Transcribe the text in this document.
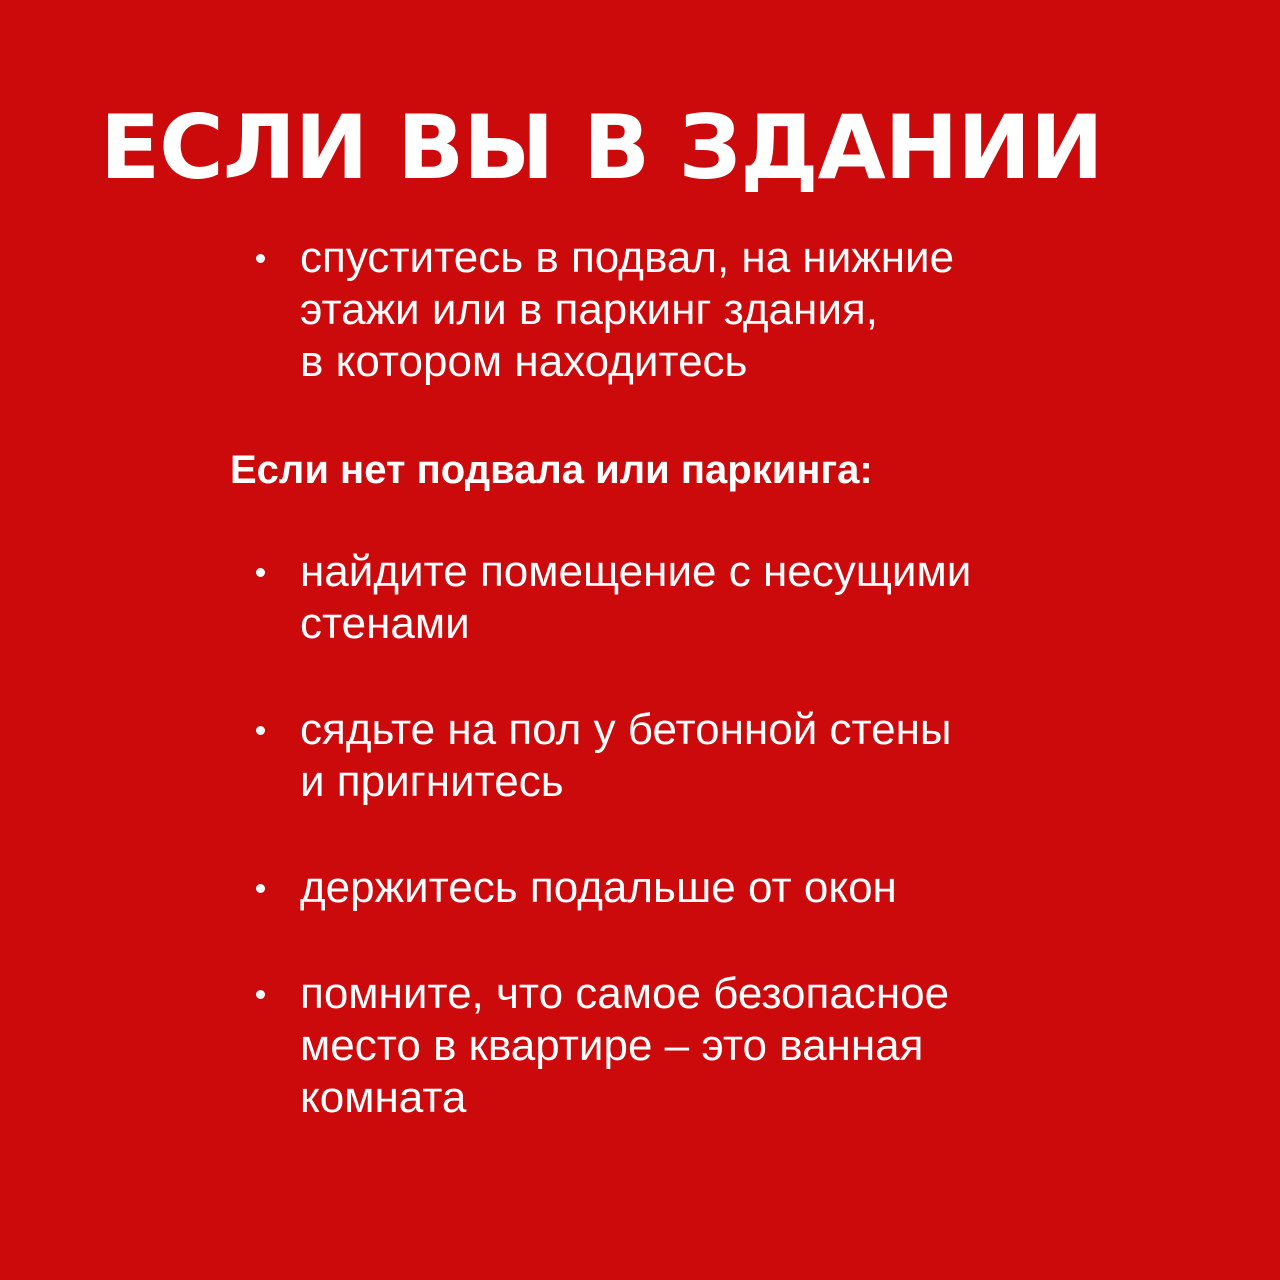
ЕСЛИ ВЫ В ЗДАНИИ

спуститесь в подвал, на нижние
этажи или в паркинг здания,
в котором находитесь

Если нет подвала или паркинга:

найдите помещение с несущими
стенами

сядьте на пол у бетонной стены
и пригнитесь

держитесь подальше от окон

помните, что самое безопасное
место в квартире – это ванная
комната
